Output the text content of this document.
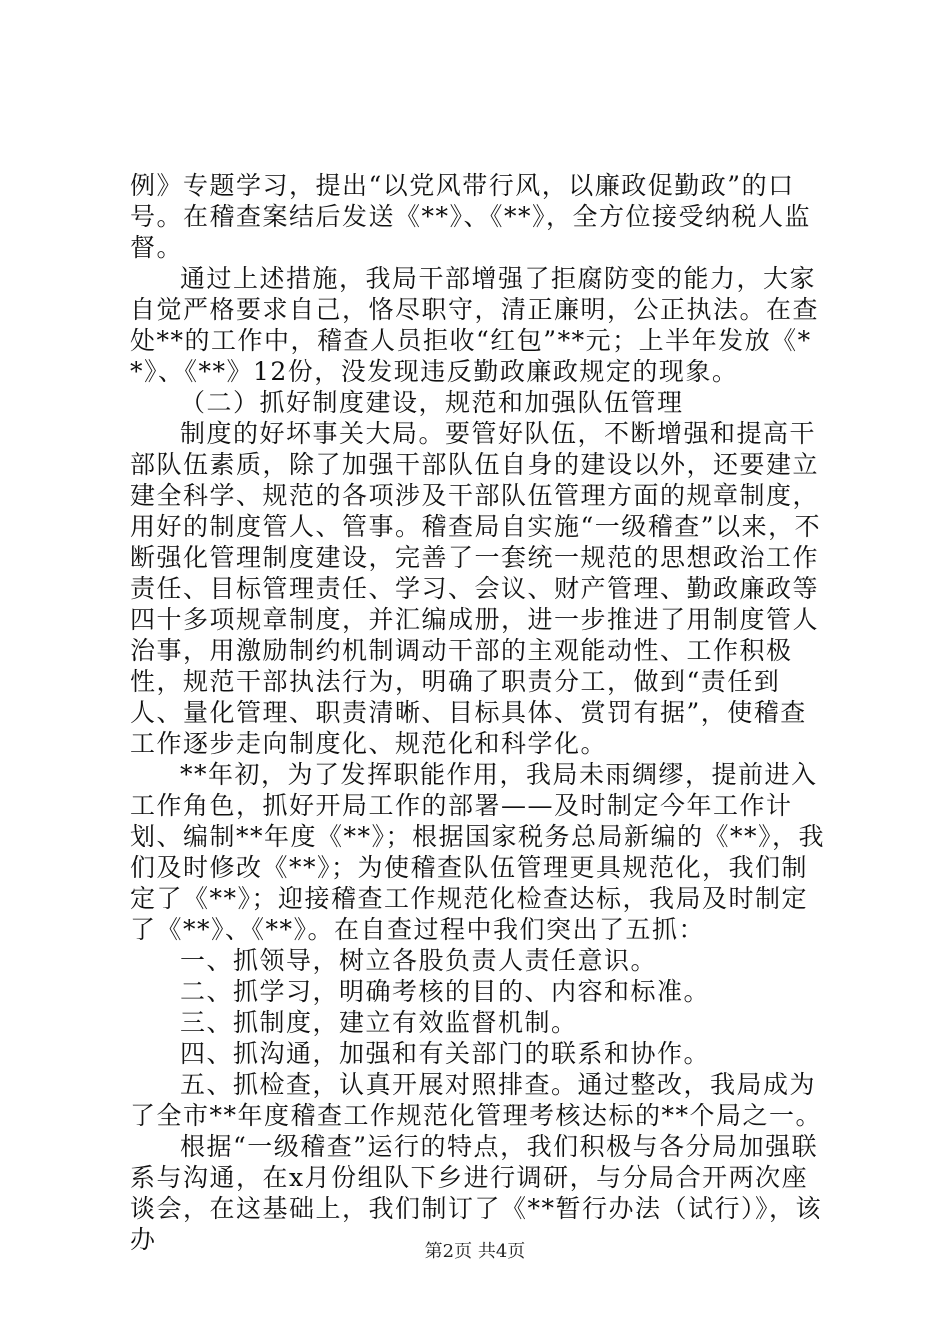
例》专题学习，提出“以党风带行风，以廉政促勤政”的口号。在稽查案结后发送《**》、《**》，全方位接受纳税人监督。

通过上述措施，我局干部增强了拒腐防变的能力，大家自觉严格要求自己，恪尽职守，清正廉明，公正执法。在查处**的工作中，稽查人员拒收“红包”**元；上半年发放《**》、《**》12份，没发现违反勤政廉政规定的现象。

（二）抓好制度建设，规范和加强队伍管理

制度的好坏事关大局。要管好队伍，不断增强和提高干部队伍素质，除了加强干部队伍自身的建设以外，还要建立建全科学、规范的各项涉及干部队伍管理方面的规章制度，用好的制度管人、管事。稽查局自实施“一级稽查”以来，不断强化管理制度建设，完善了一套统一规范的思想政治工作责任、目标管理责任、学习、会议、财产管理、勤政廉政等四十多项规章制度，并汇编成册，进一步推进了用制度管人治事，用激励制约机制调动干部的主观能动性、工作积极性，规范干部执法行为，明确了职责分工，做到“责任到人、量化管理、职责清晰、目标具体、赏罚有据”，使稽查工作逐步走向制度化、规范化和科学化。

**年初，为了发挥职能作用，我局未雨绸缪，提前进入工作角色，抓好开局工作的部署——及时制定今年工作计划、编制**年度《**》；根据国家税务总局新编的《**》，我们及时修改《**》；为使稽查队伍管理更具规范化，我们制定了《**》；迎接稽查工作规范化检查达标，我局及时制定了《**》、《**》。在自查过程中我们突出了五抓：

一、抓领导，树立各股负责人责任意识。

二、抓学习，明确考核的目的、内容和标准。

三、抓制度，建立有效监督机制。

四、抓沟通，加强和有关部门的联系和协作。

五、抓检查，认真开展对照排查。通过整改，我局成为了全市**年度稽查工作规范化管理考核达标的**个局之一。

根据“一级稽查”运行的特点，我们积极与各分局加强联系与沟通，在x月份组队下乡进行调研，与分局合开两次座谈会，在这基础上，我们制订了《**暂行办法（试行）》，该办	第2页 共4页
